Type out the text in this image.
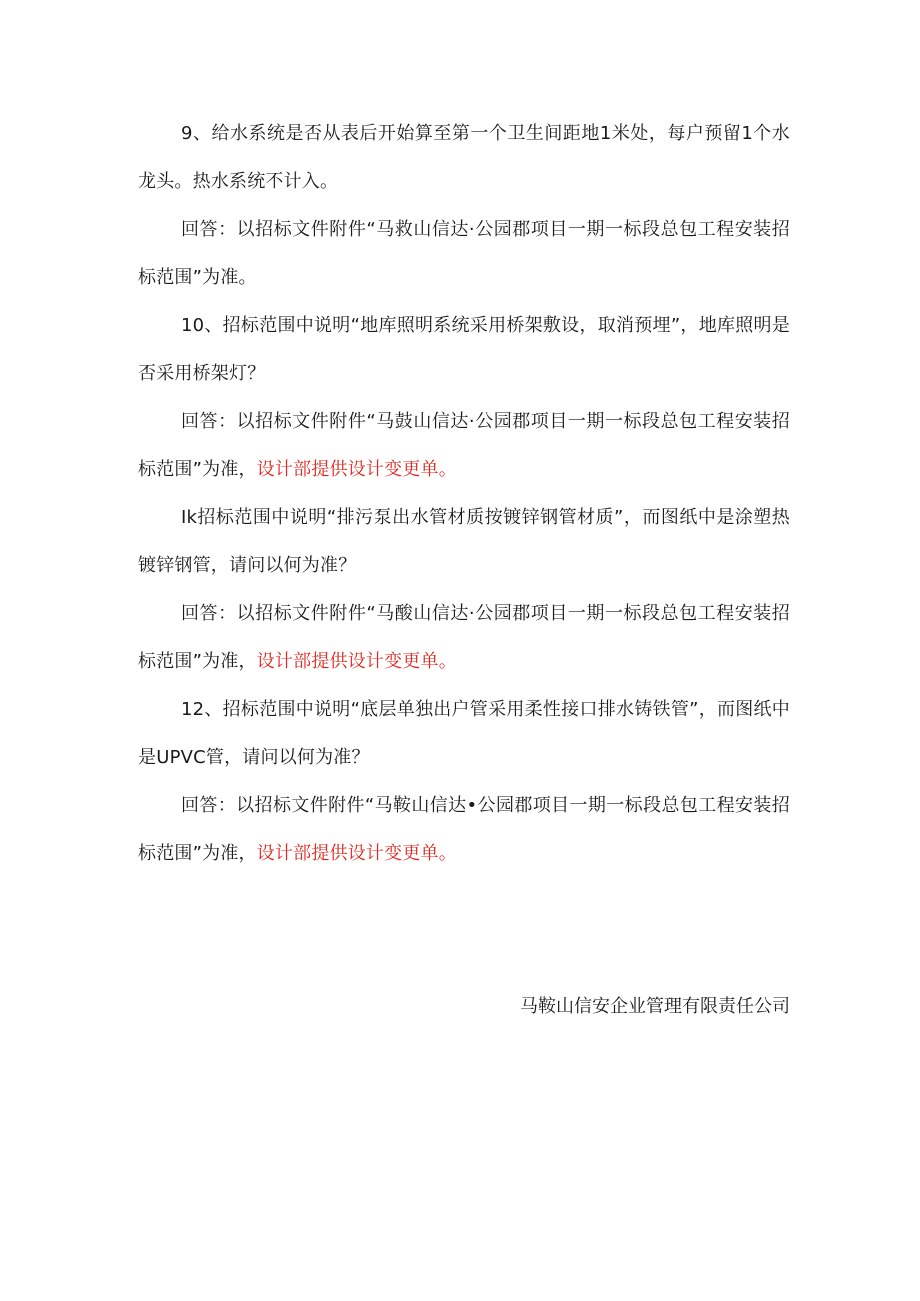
9、给水系统是否从表后开始算至第一个卫生间距地1米处，每户预留1个水龙头。热水系统不计入。

回答：以招标文件附件“马救山信达·公园郡项目一期一标段总包工程安装招标范围”为准。

10、招标范围中说明“地库照明系统采用桥架敷设，取消预埋”，地库照明是否采用桥架灯？

回答：以招标文件附件“马鼓山信达·公园郡项目一期一标段总包工程安装招标范围”为准，设计部提供设计变更单。

Ik招标范围中说明“排污泵出水管材质按镀锌钢管材质”，而图纸中是涂塑热镀锌钢管，请问以何为准？

回答：以招标文件附件“马酸山信达·公园郡项目一期一标段总包工程安装招标范围”为准，设计部提供设计变更单。

12、招标范围中说明“底层单独出户管采用柔性接口排水铸铁管”，而图纸中是UPVC管，请问以何为准？

回答：以招标文件附件“马鞍山信达•公园郡项目一期一标段总包工程安装招标范围”为准，设计部提供设计变更单。

马鞍山信安企业管理有限责任公司
